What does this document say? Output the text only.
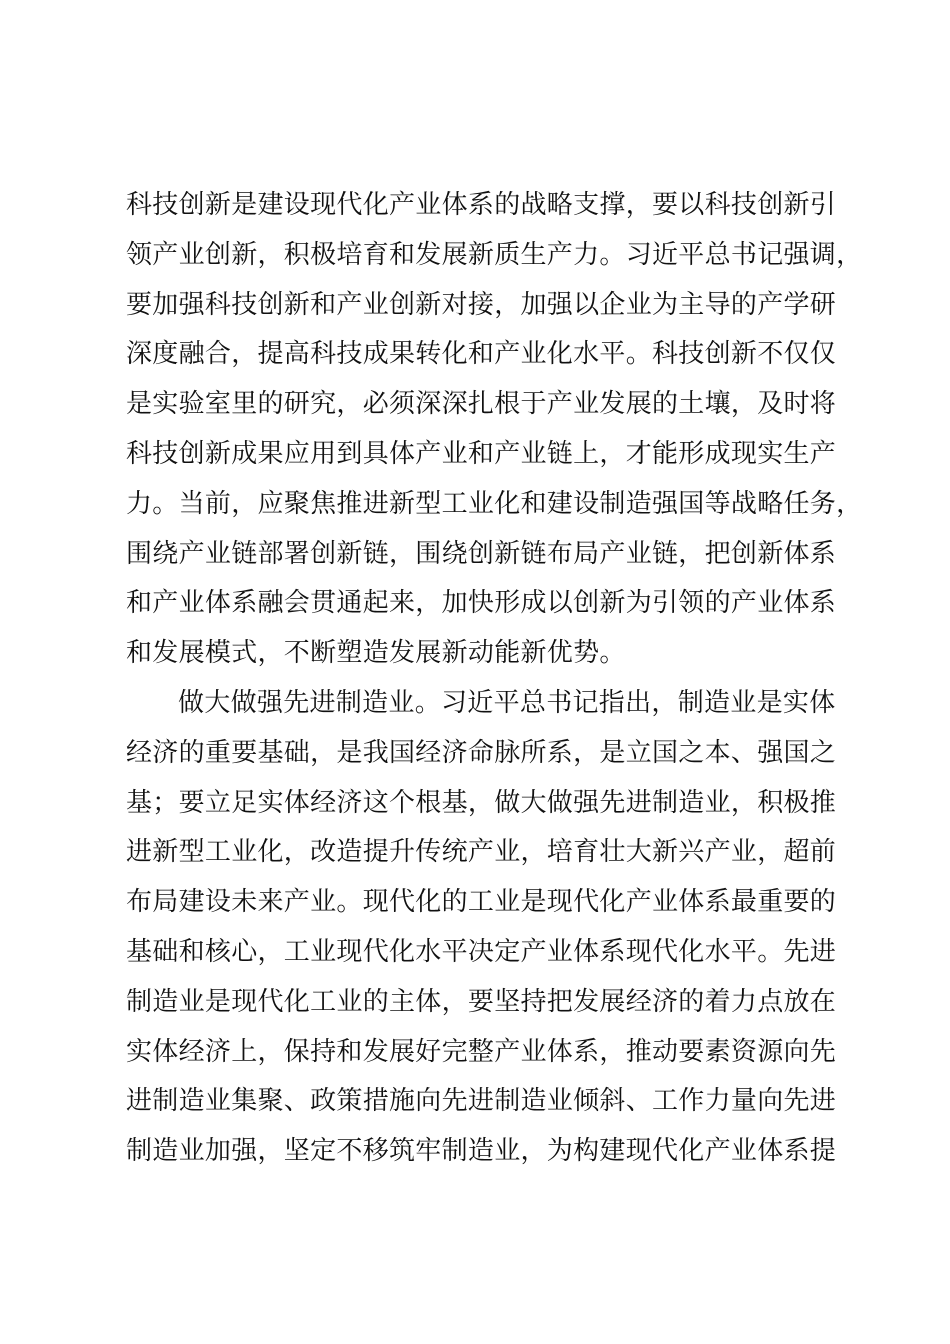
科技创新是建设现代化产业体系的战略支撑，要以科技创新引
领产业创新，积极培育和发展新质生产力。习近平总书记强调，
要加强科技创新和产业创新对接，加强以企业为主导的产学研
深度融合，提高科技成果转化和产业化水平。科技创新不仅仅
是实验室里的研究，必须深深扎根于产业发展的土壤，及时将
科技创新成果应用到具体产业和产业链上，才能形成现实生产
力。当前，应聚焦推进新型工业化和建设制造强国等战略任务，
围绕产业链部署创新链，围绕创新链布局产业链，把创新体系
和产业体系融会贯通起来，加快形成以创新为引领的产业体系
和发展模式，不断塑造发展新动能新优势。
做大做强先进制造业。习近平总书记指出，制造业是实体
经济的重要基础，是我国经济命脉所系，是立国之本、强国之
基；要立足实体经济这个根基，做大做强先进制造业，积极推
进新型工业化，改造提升传统产业，培育壮大新兴产业，超前
布局建设未来产业。现代化的工业是现代化产业体系最重要的
基础和核心，工业现代化水平决定产业体系现代化水平。先进
制造业是现代化工业的主体，要坚持把发展经济的着力点放在
实体经济上，保持和发展好完整产业体系，推动要素资源向先
进制造业集聚、政策措施向先进制造业倾斜、工作力量向先进
制造业加强，坚定不移筑牢制造业，为构建现代化产业体系提
